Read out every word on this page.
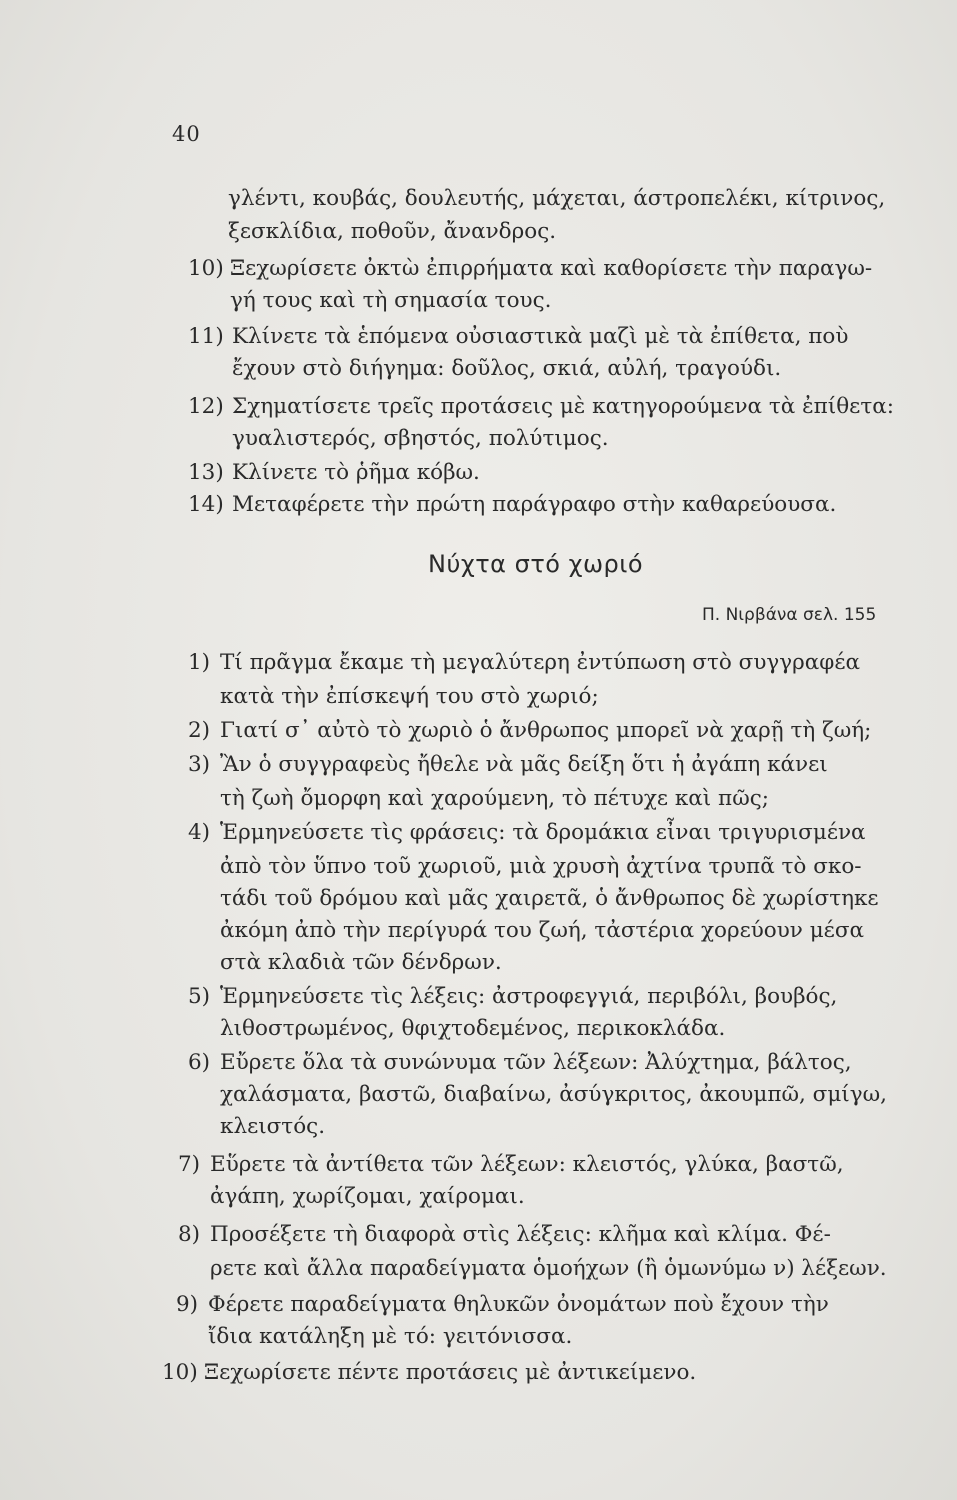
40
γλέντι, κουβάς, δουλευτής, μάχεται, άστροπελέκι, κίτρινος,
ξεσκλίδια, ποθοῦν, ἄνανδρος.
10) Ξεχωρίσετε ὀκτὼ ἐπιρρήματα καὶ καθορίσετε τὴν παραγω-
γή τους καὶ τὴ σημασία τους.
11) Κλίνετε τὰ ἑπόμενα οὐσιαστικὰ μαζὶ μὲ τὰ ἐπίθετα, ποὺ
ἔχουν στὸ διήγημα: δοῦλος, σκιά, αὐλή, τραγούδι.
12) Σχηματίσετε τρεῖς προτάσεις μὲ κατηγορούμενα τὰ ἐπίθετα:
γυαλιστερός, σβηστός, πολύτιμος.
13) Κλίνετε τὸ ῥῆμα κόβω.
14) Μεταφέρετε τὴν πρώτη παράγραφο στὴν καθαρεύουσα.
Νύχτα στό χωριό
Π. Νιρβάνα σελ. 155
1) Τί πρᾶγμα ἔκαμε τὴ μεγαλύτερη ἐντύπωση στὸ συγγραφέα
κατὰ τὴν ἐπίσκεψή του στὸ χωριό;
2) Γιατί σ᾽ αὐτὸ τὸ χωριὸ ὁ ἄνθρωπος μπορεῖ νὰ χαρῇ τὴ ζωή;
3) Ἂν ὁ συγγραφεὺς ἤθελε νὰ μᾶς δείξη ὅτι ἡ ἀγάπη κάνει
τὴ ζωὴ ὄμορφη καὶ χαρούμενη, τὸ πέτυχε καὶ πῶς;
4) Ἑρμηνεύσετε τὶς φράσεις: τὰ δρομάκια εἶναι τριγυρισμένα
ἀπὸ τὸν ὕπνο τοῦ χωριοῦ, μιὰ χρυσὴ ἀχτίνα τρυπᾶ τὸ σκο-
τάδι τοῦ δρόμου καὶ μᾶς χαιρετᾶ, ὁ ἄνθρωπος δὲ χωρίστηκε
ἀκόμη ἀπὸ τὴν περίγυρά του ζωή, τἀστέρια χορεύουν μέσα
στὰ κλαδιὰ τῶν δένδρων.
5) Ἑρμηνεύσετε τὶς λέξεις: ἀστροφεγγιά, περιβόλι, βουβός,
λιθοστρωμένος, θφιχτοδεμένος, περικοκλάδα.
6) Εὔρετε ὅλα τὰ συνώνυμα τῶν λέξεων: Ἀλύχτημα, βάλτος,
χαλάσματα, βαστῶ, διαβαίνω, ἀσύγκριτος, ἀκουμπῶ, σμίγω,
κλειστός.
7) Εὕρετε τὰ ἀντίθετα τῶν λέξεων: κλειστός, γλύκα, βαστῶ,
ἀγάπη, χωρίζομαι, χαίρομαι.
8) Προσέξετε τὴ διαφορὰ στὶς λέξεις: κλῆμα καὶ κλίμα. Φέ-
ρετε καὶ ἄλλα παραδείγματα ὁμοήχων (ἢ ὁμωνύμω ν) λέξεων.
9) Φέρετε παραδείγματα θηλυκῶν ὀνομάτων ποὺ ἔχουν τὴν
ἴδια κατάληξη μὲ τό: γειτόνισσα.
10) Ξεχωρίσετε πέντε προτάσεις μὲ ἀντικείμενο.
